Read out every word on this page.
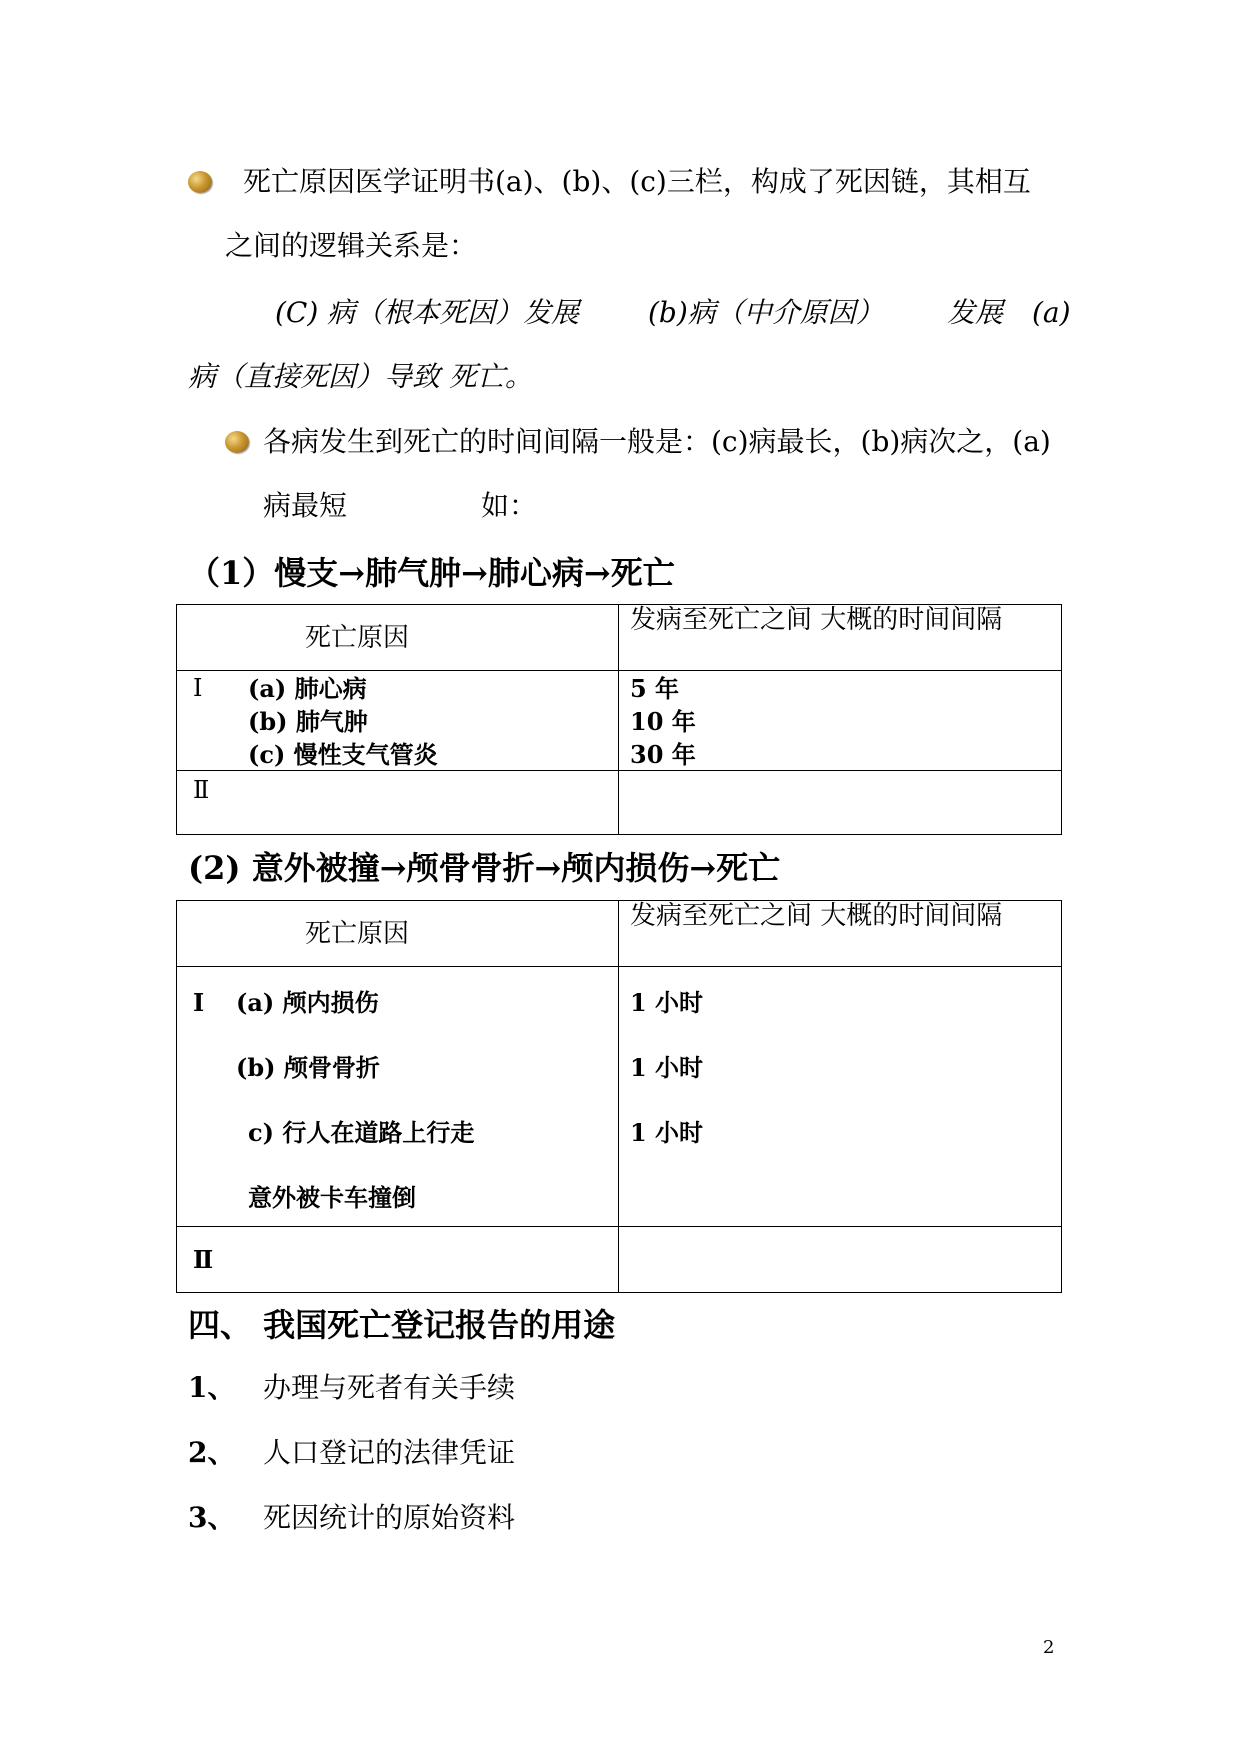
死亡原因医学证明书(a)、(b)、(c)三栏，构成了死因链，其相互
之间的逻辑关系是：
(C) 病（根本死因）发展 (b)病（中介原因） 发展 (a)
病（直接死因）导致 死亡。
各病发生到死亡的时间间隔一般是：(c)病最长，(b)病次之，(a)
病最短	如：
（1）慢支→肺气肿→肺心病→死亡
死亡原因
发病至死亡之间 大概的时间间隔
Ⅰ (a) 肺心病
(b) 肺气肿
(c) 慢性支气管炎
5 年
10 年
30 年
Ⅱ
(2) 意外被撞→颅骨骨折→颅内损伤→死亡
死亡原因
发病至死亡之间 大概的时间间隔
Ⅰ (a) 颅内损伤
(b) 颅骨骨折
c) 行人在道路上行走
意外被卡车撞倒
1 小时
1 小时
1 小时
Ⅱ
四、 我国死亡登记报告的用途
1、 办理与死者有关手续
2、 人口登记的法律凭证
3、 死因统计的原始资料
2
